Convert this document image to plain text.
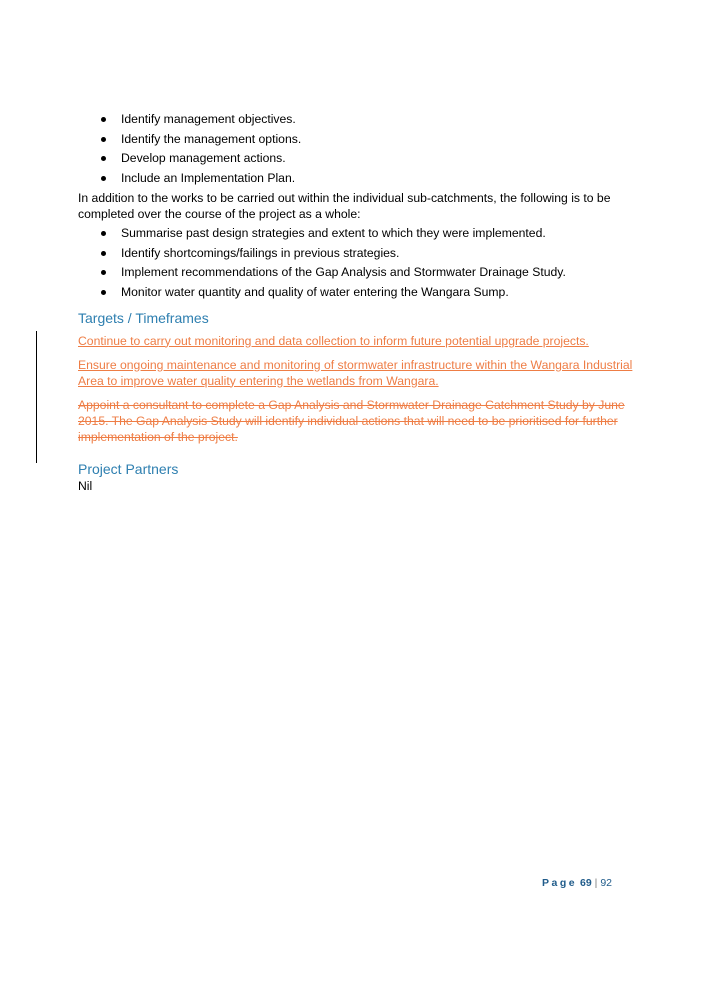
Identify management objectives.
Identify the management options.
Develop management actions.
Include an Implementation Plan.

In addition to the works to be carried out within the individual sub-catchments, the following is to be completed over the course of the project as a whole:

Summarise past design strategies and extent to which they were implemented.
Identify shortcomings/failings in previous strategies.
Implement recommendations of the Gap Analysis and Stormwater Drainage Study.
Monitor water quantity and quality of water entering the Wangara Sump.
Targets / Timeframes

Continue to carry out monitoring and data collection to inform future potential upgrade projects.

Ensure ongoing maintenance and monitoring of stormwater infrastructure within the Wangara Industrial Area to improve water quality entering the wetlands from Wangara.

Appoint a consultant to complete a Gap Analysis and Stormwater Drainage Catchment Study by June 2015. The Gap Analysis Study will identify individual actions that will need to be prioritised for further implementation of the project.

Project Partners

Nil

Page 69 | 92
